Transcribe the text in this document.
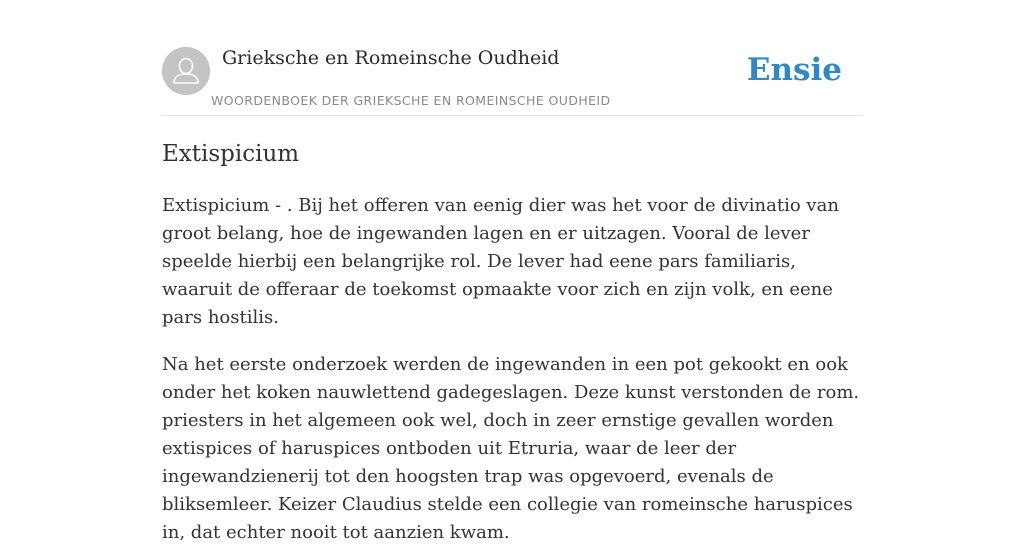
Grieksche en Romeinsche Oudheid
WOORDENBOEK DER GRIEKSCHE EN ROMEINSCHE OUDHEID
Ensie
Extispicium

Extispicium - . Bij het offeren van eenig dier was het voor de divinatio van groot belang, hoe de ingewanden lagen en er uitzagen. Vooral de lever speelde hierbij een belangrijke rol. De lever had eene pars familiaris, waaruit de offeraar de toekomst opmaakte voor zich en zijn volk, en eene pars hostilis.

Na het eerste onderzoek werden de ingewanden in een pot gekookt en ook onder het koken nauwlettend gadegeslagen. Deze kunst verstonden de rom. priesters in het algemeen ook wel, doch in zeer ernstige gevallen worden extispices of haruspices ontboden uit Etruria, waar de leer der ingewandzienerij tot den hoogsten trap was opgevoerd, evenals de bliksemleer. Keizer Claudius stelde een collegie van romeinsche haruspices in, dat echter nooit tot aanzien kwam.
